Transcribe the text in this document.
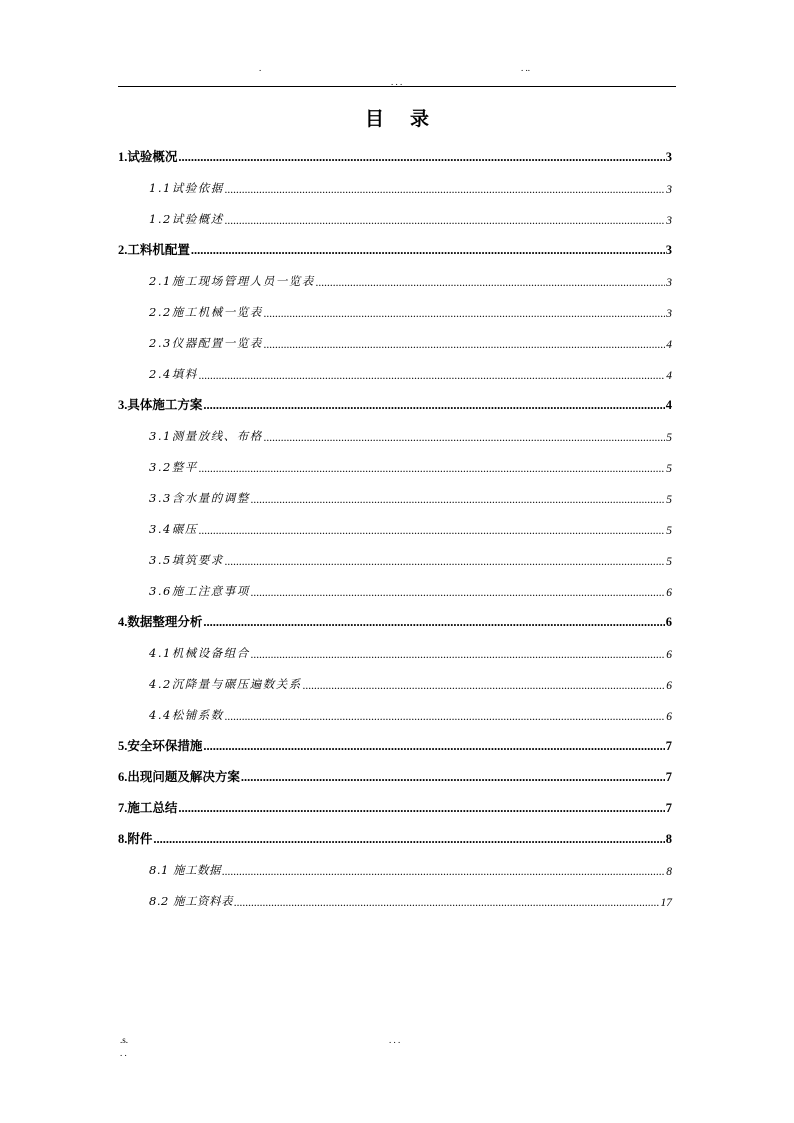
.	. ..
. . .
目 录
1.试验概况 .....	3
1.1试验依据 .....	3
1.2试验概述 .....	3
2.工料机配置 .....	3
2.1施工现场管理人员一览表 .....	3
2.2施工机械一览表 .....	3
2.3仪器配置一览表 .....	4
2.4填料 .....	4
3.具体施工方案 .....	4
3.1测量放线、布格 .....	5
3.2整平 .....	5
3.3含水量的调整 .....	5
3.4碾压 .....	5
3.5填筑要求 .....	5
3.6施工注意事项 .....	6
4.数据整理分析 .....	6
4.1机械设备组合 .....	6
4.2沉降量与碾压遍数关系 .....	6
4.4松铺系数 .....	6
5.安全环保措施 .....	7
6.出现问题及解决方案 .....	7
7.施工总结 .....	7
8.附件 .....	8
8.1 施工数据 .....	8
8.2 施工资料表 .....	17
.s.
. .
. . .
